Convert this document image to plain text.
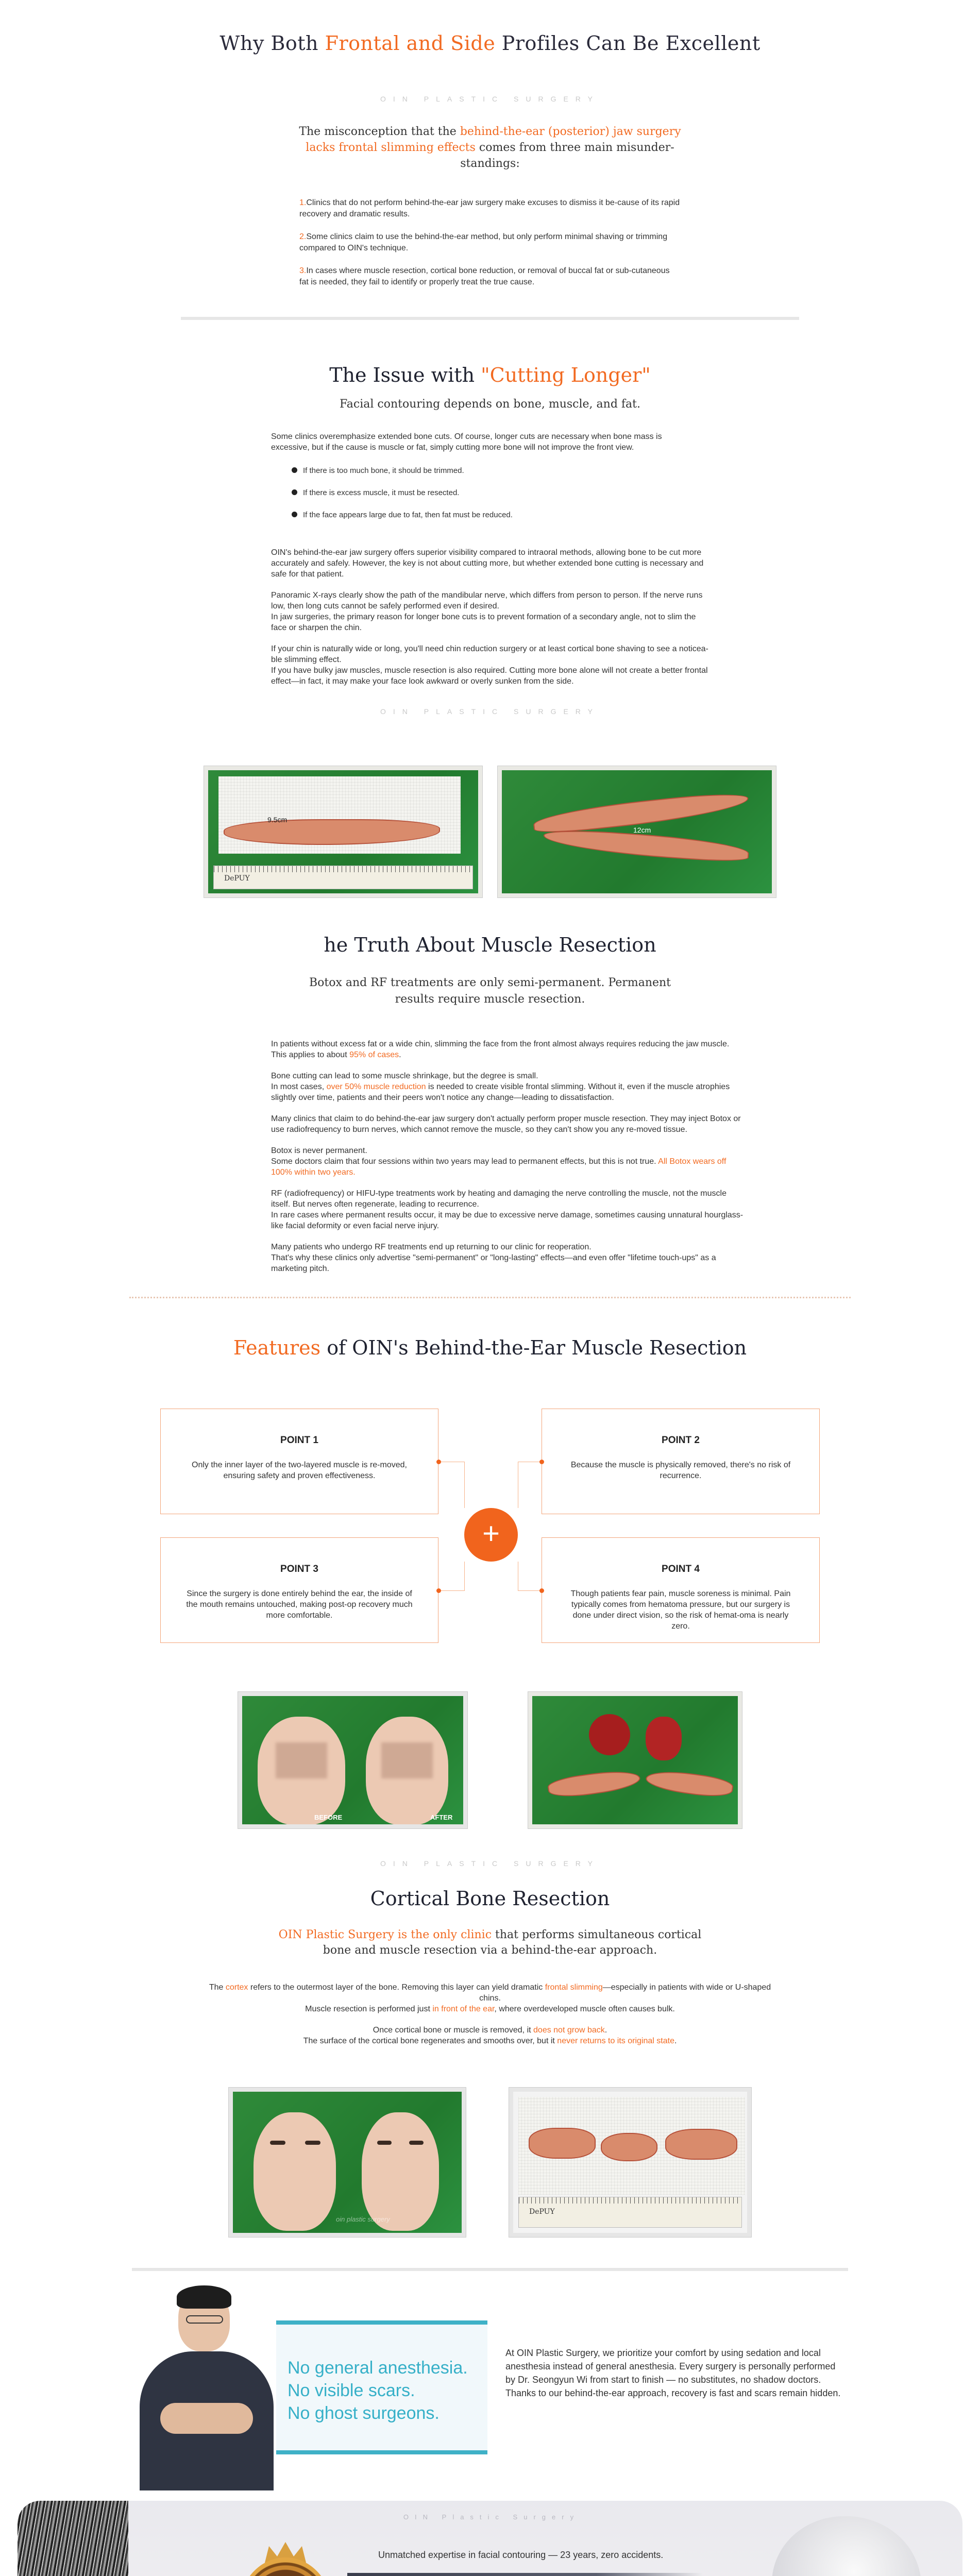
Why Both Frontal and Side Profiles Can Be Excellent
OIN PLASTIC SURGERY

The misconception that the behind-the-ear (posterior) jaw surgery lacks frontal slimming effects comes from three main misunder-standings:

1.Clinics that do not perform behind-the-ear jaw surgery make excuses to dismiss it be-cause of its rapid recovery and dramatic results.
2.Some clinics claim to use the behind-the-ear method, but only perform minimal shaving or trimming compared to OIN's technique.
3.In cases where muscle resection, cortical bone reduction, or removal of buccal fat or sub-cutaneous fat is needed, they fail to identify or properly treat the true cause.
The Issue with "Cutting Longer"
Facial contouring depends on bone, muscle, and fat.

Some clinics overemphasize extended bone cuts. Of course, longer cuts are necessary when bone mass is excessive, but if the cause is muscle or fat, simply cutting more bone will not improve the front view.

If there is too much bone, it should be trimmed.
If there is excess muscle, it must be resected.
If the face appears large due to fat, then fat must be reduced.

OIN's behind-the-ear jaw surgery offers superior visibility compared to intraoral methods, allowing bone to be cut more accurately and safely. However, the key is not about cutting more, but whether extended bone cutting is necessary and safe for that patient.

Panoramic X-rays clearly show the path of the mandibular nerve, which differs from person to person. If the nerve runs low, then long cuts cannot be safely performed even if desired.
In jaw surgeries, the primary reason for longer bone cuts is to prevent formation of a secondary angle, not to slim the face or sharpen the chin.

If your chin is naturally wide or long, you'll need chin reduction surgery or at least cortical bone shaving to see a noticea-ble slimming effect.
If you have bulky jaw muscles, muscle resection is also required. Cutting more bone alone will not create a better frontal effect—in fact, it may make your face look awkward or overly sunken from the side.

OIN PLASTIC SURGERY
9.5cm
DePUY
12cm
he Truth About Muscle Resection
Botox and RF treatments are only semi-permanent. Permanent results require muscle resection.

In patients without excess fat or a wide chin, slimming the face from the front almost always requires reducing the jaw muscle. This applies to about 95% of cases.

Bone cutting can lead to some muscle shrinkage, but the degree is small.
In most cases, over 50% muscle reduction is needed to create visible frontal slimming. Without it, even if the muscle atrophies slightly over time, patients and their peers won't notice any change—leading to dissatisfaction.

Many clinics that claim to do behind-the-ear jaw surgery don't actually perform proper muscle resection. They may inject Botox or use radiofrequency to burn nerves, which cannot remove the muscle, so they can't show you any re-moved tissue.

Botox is never permanent.
Some doctors claim that four sessions within two years may lead to permanent effects, but this is not true. All Botox wears off 100% within two years.

RF (radiofrequency) or HIFU-type treatments work by heating and damaging the nerve controlling the muscle, not the muscle itself. But nerves often regenerate, leading to recurrence.
In rare cases where permanent results occur, it may be due to excessive nerve damage, sometimes causing unnatural hourglass-like facial deformity or even facial nerve injury.

Many patients who undergo RF treatments end up returning to our clinic for reoperation.
That's why these clinics only advertise "semi-permanent" or "long-lasting" effects—and even offer "lifetime touch-ups" as a marketing pitch.

Features of OIN's Behind-the-Ear Muscle Resection
POINT 1

Only the inner layer of the two-layered muscle is re-moved, ensuring safety and proven effectiveness.

POINT 2

Because the muscle is physically removed, there's no risk of recurrence.

POINT 3

Since the surgery is done entirely behind the ear, the inside of the mouth remains untouched, making post-op recovery much more comfortable.

POINT 4

Though patients fear pain, muscle soreness is minimal. Pain typically comes from hematoma pressure, but our surgery is done under direct vision, so the risk of hemat-oma is nearly zero.

+
BEFORE	AFTER
OIN PLASTIC SURGERY
Cortical Bone Resection
OIN Plastic Surgery is the only clinic that performs simultaneous cortical bone and muscle resection via a behind-the-ear approach.
The cortex refers to the outermost layer of the bone. Removing this layer can yield dramatic frontal slimming—especially in patients with wide or U-shaped chins.
Muscle resection is performed just in front of the ear, where overdeveloped muscle often causes bulk.
Once cortical bone or muscle is removed, it does not grow back.
The surface of the cortical bone regenerates and smooths over, but it never returns to its original state.
oin plastic surgery
DePUY
No general anesthesia.
No visible scars.
No ghost surgeons.
At OIN Plastic Surgery, we prioritize your comfort by using sedation and local anesthesia instead of general anesthesia. Every surgery is personally performed by Dr. Seongyun Wi from start to finish — no substitutes, no shadow doctors. Thanks to our behind-the-ear approach, recovery is fast and scars remain hidden.
OIN Plastic Surgery
Unmatched expertise in facial contouring — 23 years, zero accidents.
